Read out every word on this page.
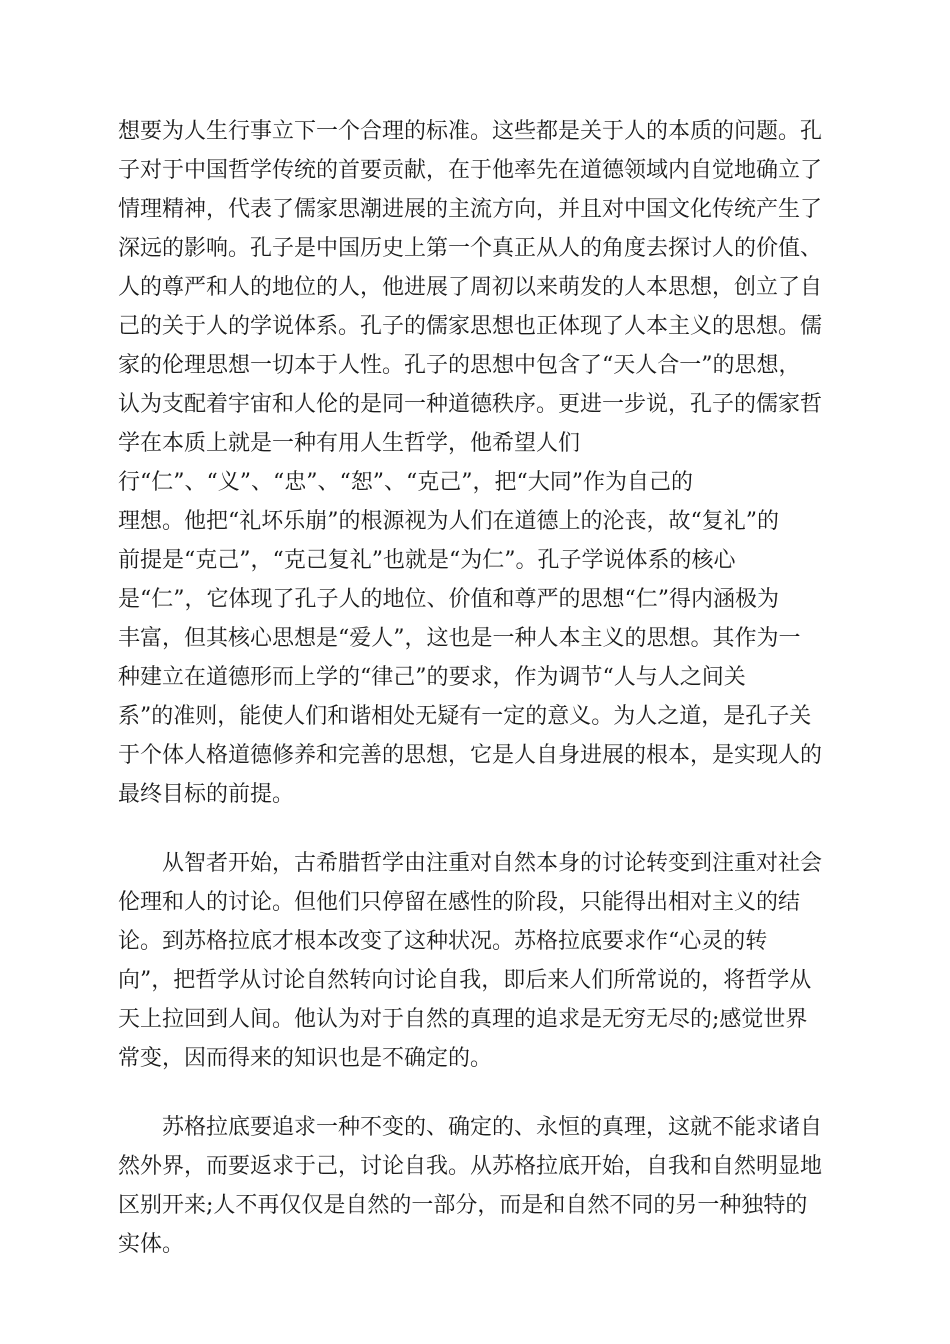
想要为人生行事立下一个合理的标准。这些都是关于人的本质的问题。孔
子对于中国哲学传统的首要贡献，在于他率先在道德领域内自觉地确立了
情理精神，代表了儒家思潮进展的主流方向，并且对中国文化传统产生了
深远的影响。孔子是中国历史上第一个真正从人的角度去探讨人的价值、
人的尊严和人的地位的人，他进展了周初以来萌发的人本思想，创立了自
己的关于人的学说体系。孔子的儒家思想也正体现了人本主义的思想。儒
家的伦理思想一切本于人性。孔子的思想中包含了“天人合一”的思想，
认为支配着宇宙和人伦的是同一种道德秩序。更进一步说，孔子的儒家哲
学在本质上就是一种有用人生哲学，他希望人们
行“仁”、“义”、“忠”、“恕”、“克己”，把“大同”作为自己的
理想。他把“礼坏乐崩”的根源视为人们在道德上的沦丧，故“复礼”的
前提是“克己”，“克己复礼”也就是“为仁”。孔子学说体系的核心
是“仁”，它体现了孔子人的地位、价值和尊严的思想“仁”得内涵极为
丰富，但其核心思想是“爱人”，这也是一种人本主义的思想。其作为一
种建立在道德形而上学的“律己”的要求，作为调节“人与人之间关
系”的准则，能使人们和谐相处无疑有一定的意义。为人之道，是孔子关
于个体人格道德修养和完善的思想，它是人自身进展的根本，是实现人的
最终目标的前提。

从智者开始，古希腊哲学由注重对自然本身的讨论转变到注重对社会
伦理和人的讨论。但他们只停留在感性的阶段，只能得出相对主义的结
论。到苏格拉底才根本改变了这种状况。苏格拉底要求作“心灵的转
向”，把哲学从讨论自然转向讨论自我，即后来人们所常说的，将哲学从
天上拉回到人间。他认为对于自然的真理的追求是无穷无尽的;感觉世界
常变，因而得来的知识也是不确定的。

苏格拉底要追求一种不变的、确定的、永恒的真理，这就不能求诸自
然外界，而要返求于己，讨论自我。从苏格拉底开始，自我和自然明显地
区别开来;人不再仅仅是自然的一部分，而是和自然不同的另一种独特的
实体。
